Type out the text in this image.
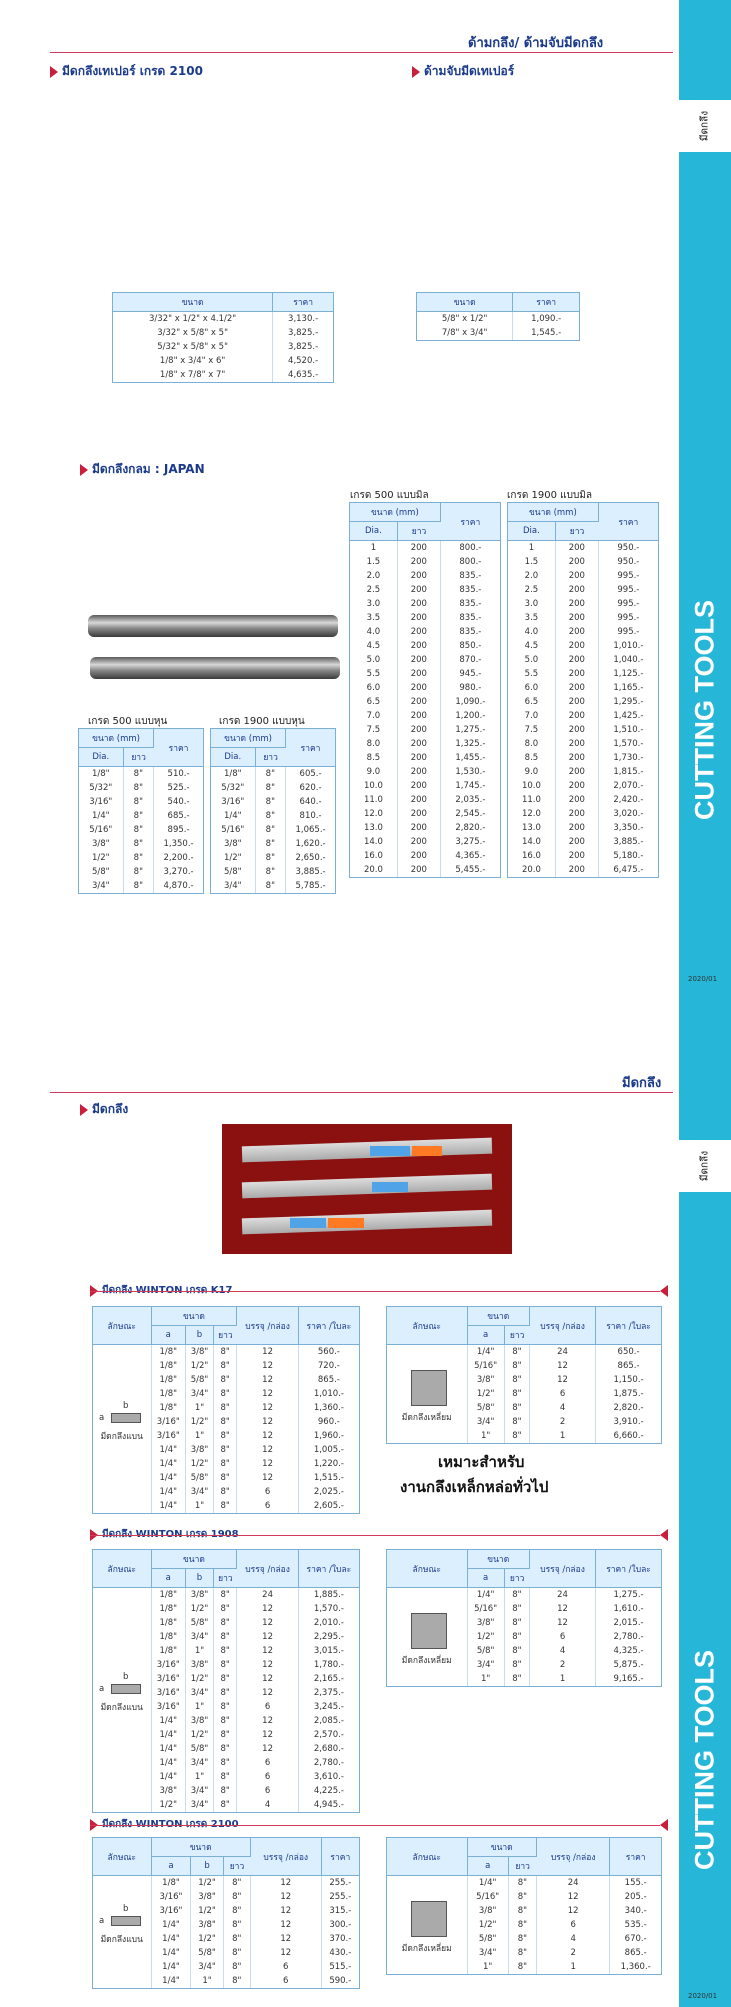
มีดกลึง
CUTTING TOOLS
2020/01
มีดกลึง
CUTTING TOOLS
2020/01
ด้ามกลึง/ ด้ามจับมีดกลึง
มีดกลึงเทเปอร์ เกรด 2100	ด้ามจับมีดเทเปอร์
ขนาด	ราคา
3/32" x 1/2" x 4.1/2"	3,130.-
3/32" x 5/8" x 5"	3,825.-
5/32" x 5/8" x 5"	3,825.-
1/8" x 3/4" x 6"	4,520.-
1/8" x 7/8" x 7"	4,635.-
ขนาด	ราคา
5/8" x 1/2"	1,090.-
7/8" x 3/4"	1,545.-
มีดกลึงกลม : JAPAN
เกรด 500 แบบมิล	เกรด 1900 แบบมิล
ขนาด (mm)		ราคา
Dia.	ยาว	
1	200	800.-
1.5	200	800.-
2.0	200	835.-
2.5	200	835.-
3.0	200	835.-
3.5	200	835.-
4.0	200	835.-
4.5	200	850.-
5.0	200	870.-
5.5	200	945.-
6.0	200	980.-
6.5	200	1,090.-
7.0	200	1,200.-
7.5	200	1,275.-
8.0	200	1,325.-
8.5	200	1,455.-
9.0	200	1,530.-
10.0	200	1,745.-
11.0	200	2,035.-
12.0	200	2,545.-
13.0	200	2,820.-
14.0	200	3,275.-
16.0	200	4,365.-
20.0	200	5,455.-
ขนาด (mm)		ราคา
Dia.	ยาว	
1	200	950.-
1.5	200	950.-
2.0	200	995.-
2.5	200	995.-
3.0	200	995.-
3.5	200	995.-
4.0	200	995.-
4.5	200	1,010.-
5.0	200	1,040.-
5.5	200	1,125.-
6.0	200	1,165.-
6.5	200	1,295.-
7.0	200	1,425.-
7.5	200	1,510.-
8.0	200	1,570.-
8.5	200	1,730.-
9.0	200	1,815.-
10.0	200	2,070.-
11.0	200	2,420.-
12.0	200	3,020.-
13.0	200	3,350.-
14.0	200	3,885.-
16.0	200	5,180.-
20.0	200	6,475.-
เกรด 500 แบบหุน	เกรด 1900 แบบหุน
ขนาด (mm)		ราคา
Dia.	ยาว	
1/8"	8"	510.-
5/32"	8"	525.-
3/16"	8"	540.-
1/4"	8"	685.-
5/16"	8"	895.-
3/8"	8"	1,350.-
1/2"	8"	2,200.-
5/8"	8"	3,270.-
3/4"	8"	4,870.-
ขนาด (mm)		ราคา
Dia.	ยาว	
1/8"	8"	605.-
5/32"	8"	620.-
3/16"	8"	640.-
1/4"	8"	810.-
5/16"	8"	1,065.-
3/8"	8"	1,620.-
1/2"	8"	2,650.-
5/8"	8"	3,885.-
3/4"	8"	5,785.-
มีดกลึง
มีดกลึง
ลักษณะ	ขนาด			บรรจุ /กล่อง	ราคา /ใบละ
	a	b	ยาว		

a
b
มีดกลึงแบน	1/8"	3/8"	8"	12	560.-
	1/8"	1/2"	8"	12	720.-
	1/8"	5/8"	8"	12	865.-
	1/8"	3/4"	8"	12	1,010.-
	1/8"	1"	8"	12	1,360.-
	3/16"	1/2"	8"	12	960.-
	3/16"	1"	8"	12	1,960.-
	1/4"	3/8"	8"	12	1,005.-
	1/4"	1/2"	8"	12	1,220.-
	1/4"	5/8"	8"	12	1,515.-
	1/4"	3/4"	8"	6	2,025.-
	1/4"	1"	8"	6	2,605.-
ลักษณะ	ขนาด		บรรจุ /กล่อง	ราคา /ใบละ
	a	ยาว		

มีดกลึงเหลี่ยม	1/4"	8"	24	650.-
	5/16"	8"	12	865.-
	3/8"	8"	12	1,150.-
	1/2"	8"	6	1,875.-
	5/8"	8"	4	2,820.-
	3/4"	8"	2	3,910.-
	1"	8"	1	6,660.-
เหมาะสำหรับ
งานกลึงเหล็กหล่อทั่วไป
ลักษณะ	ขนาด			บรรจุ /กล่อง	ราคา /ใบละ
	a	b	ยาว		

a
b
มีดกลึงแบน	1/8"	3/8"	8"	24	1,885.-
	1/8"	1/2"	8"	12	1,570.-
	1/8"	5/8"	8"	12	2,010.-
	1/8"	3/4"	8"	12	2,295.-
	1/8"	1"	8"	12	3,015.-
	3/16"	3/8"	8"	12	1,780.-
	3/16"	1/2"	8"	12	2,165.-
	3/16"	3/4"	8"	12	2,375.-
	3/16"	1"	8"	6	3,245.-
	1/4"	3/8"	8"	12	2,085.-
	1/4"	1/2"	8"	12	2,570.-
	1/4"	5/8"	8"	12	2,680.-
	1/4"	3/4"	8"	6	2,780.-
	1/4"	1"	8"	6	3,610.-
	3/8"	3/4"	8"	6	4,225.-
	1/2"	3/4"	8"	4	4,945.-
ลักษณะ	ขนาด		บรรจุ /กล่อง	ราคา /ใบละ
	a	ยาว		

มีดกลึงเหลี่ยม	1/4"	8"	24	1,275.-
	5/16"	8"	12	1,610.-
	3/8"	8"	12	2,015.-
	1/2"	8"	6	2,780.-
	5/8"	8"	4	4,325.-
	3/4"	8"	2	5,875.-
	1"	8"	1	9,165.-
ลักษณะ	ขนาด			บรรจุ /กล่อง	ราคา
	a	b	ยาว		

a
b
มีดกลึงแบน	1/8"	1/2"	8"	12	255.-
	3/16"	3/8"	8"	12	255.-
	3/16"	1/2"	8"	12	315.-
	1/4"	3/8"	8"	12	300.-
	1/4"	1/2"	8"	12	370.-
	1/4"	5/8"	8"	12	430.-
	1/4"	3/4"	8"	6	515.-
	1/4"	1"	8"	6	590.-
ลักษณะ	ขนาด		บรรจุ /กล่อง	ราคา
	a	ยาว		

มีดกลึงเหลี่ยม	1/4"	8"	24	155.-
	5/16"	8"	12	205.-
	3/8"	8"	12	340.-
	1/2"	8"	6	535.-
	5/8"	8"	4	670.-
	3/4"	8"	2	865.-
	1"	8"	1	1,360.-
